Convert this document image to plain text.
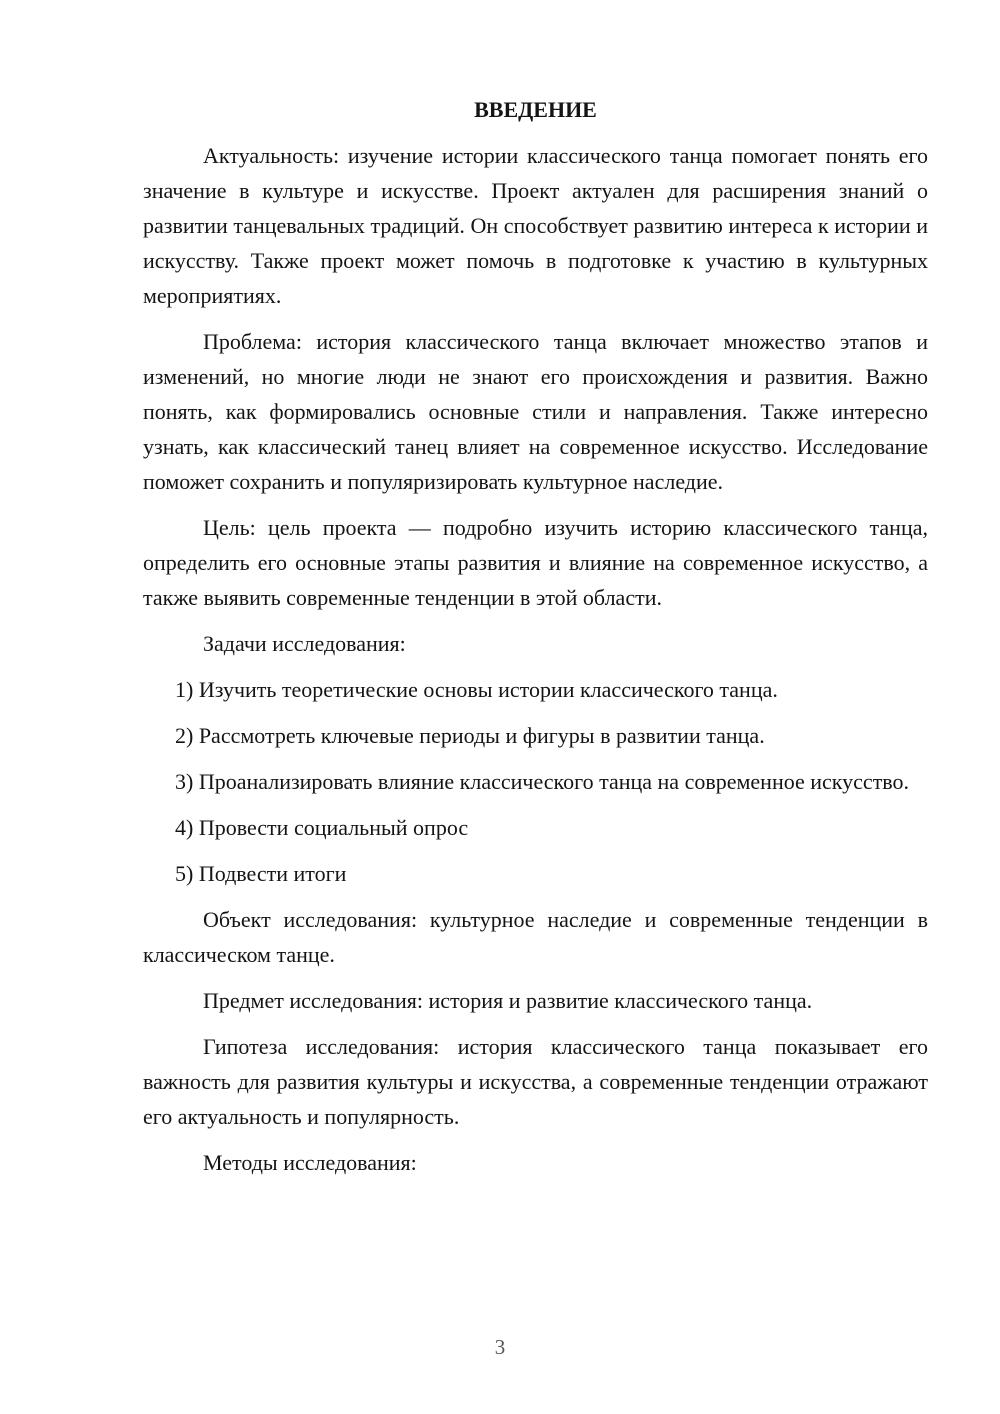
ВВЕДЕНИЕ

Актуальность: изучение истории классического танца помогает понять его значение в культуре и искусстве. Проект актуален для расширения знаний о развитии танцевальных традиций. Он способствует развитию интереса к истории и искусству. Также проект может помочь в подготовке к участию в культурных мероприятиях.

Проблема: история классического танца включает множество этапов и изменений, но многие люди не знают его происхождения и развития. Важно понять, как формировались основные стили и направления. Также интересно узнать, как классический танец влияет на современное искусство. Исследование поможет сохранить и популяризировать культурное наследие.

Цель: цель проекта — подробно изучить историю классического танца, определить его основные этапы развития и влияние на современное искусство, а также выявить современные тенденции в этой области.

Задачи исследования:

1) Изучить теоретические основы истории классического танца.

2) Рассмотреть ключевые периоды и фигуры в развитии танца.

3) Проанализировать влияние классического танца на современное искусство.

4) Провести социальный опрос

5) Подвести итоги

Объект исследования: культурное наследие и современные тенденции в классическом танце.

Предмет исследования: история и развитие классического танца.

Гипотеза исследования: история классического танца показывает его важность для развития культуры и искусства, а современные тенденции отражают его актуальность и популярность.

Методы исследования:

3
